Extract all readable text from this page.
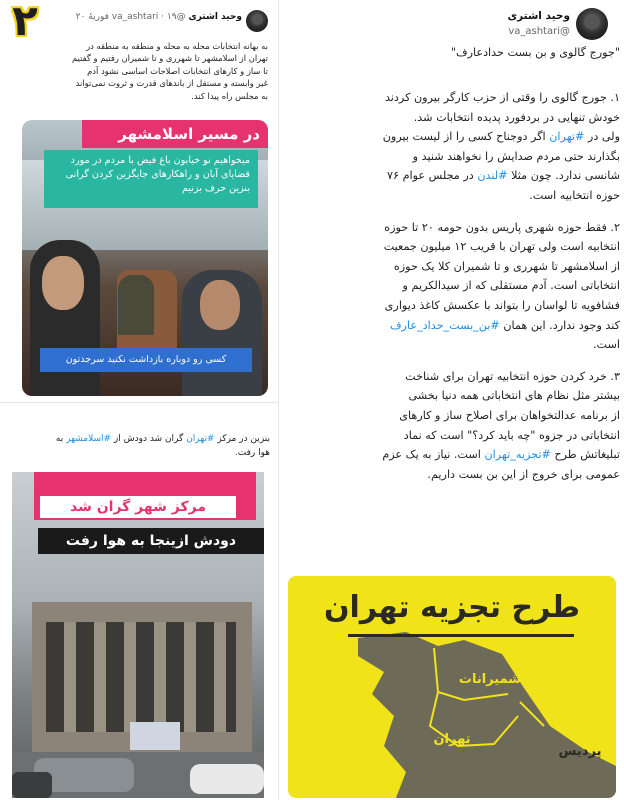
۲	وحید اشتری @va_ashtari · ۱۹ فوریهٔ ۲۰
به بهانه انتخابات محله به محله و منطقه به منطقه در
تهران از اسلامشهر تا شهرری و تا شمیران رفتیم و گفتیم
تا ساز و کارهای انتخابات اصلاحات اساسی نشود آدم
غیر وابسته و مستقل از باندهای قدرت و ثروت نمی‌تواند
به مجلس راه پیدا کند.
در مسیر اسلامشهر
میخواهیم نو خیابون باغ فیض با مردم در مورد قضایای آبان و راهکارهای جایگزین کردن گرانی بنزین حرف بزنیم
کسی رو دوباره بازداشت نکنید سرجدتون
بنزین در مرکز #تهران گران شد دودش از #اسلامشهر به
هوا رفت.
مرکز شهر گران شد
دودش ازینجا به هوا رفت
وحید اشتری
@va_ashtari
"جورج گالوی و بن بست حدادعارف"
۱. جورج گالوی را وقتی از حزب کارگر بیرون کردند
خودش تنهایی در بردفورد پدیده انتخابات شد.
ولی در #تهران اگر دوجناح کسی را از لیست بیرون
بگذارند حتی مردم صدایش را نخواهند شنید و
شانسی ندارد. چون مثلا #لندن در مجلس عوام ۷۶
حوزه انتخابیه است.
۲. فقط حوزه شهری پاریس بدون حومه ۲۰ تا حوزه
انتخابیه است ولی تهران با قریب ۱۲ میلیون جمعیت
از اسلامشهر تا شهرری و تا شمیران کلا یک حوزه
انتخاباتی است. آدم مستقلی که از سیدالکریم و
فشافویه تا لواسان را بتواند با عکسش کاغذ دیواری
کند وجود ندارد. این همان #بن_بست_حداد_عارف
است.
۳. خرد کردن حوزه انتخابیه تهران برای شناخت
بیشتر مثل نظام های انتخاباتی همه دنیا بخشی
از برنامه عدالتخواهان برای اصلاح ساز و کارهای
انتخاباتی در جزوه "چه باید کرد؟" است که نماد
تبلیغاتش طرح #تجزیه_تهران است. نیاز به یک عزم
عمومی برای خروج از این بن بست داریم.
طرح تجزیه تهران
شمیرانات
تهران
پردیس
